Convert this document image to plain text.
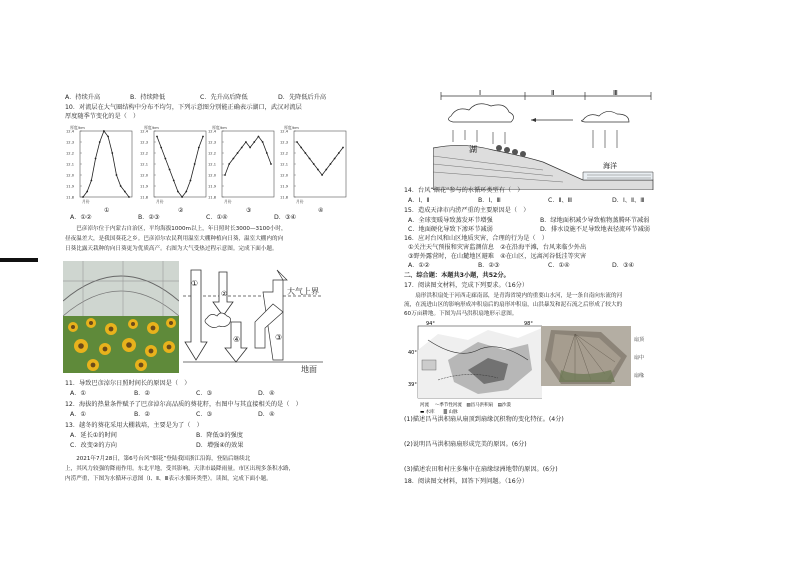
A．持续升高	B．持续降低	C．先升高后降低	D．先降低后升高
10．对流层在大气圈结构中分布不均匀，下列示意图分别能正确表示湖口，武汉对流层
厚度随季节变化的是（　）
12.4
12.3
12.2
12.1
12.0
11.9
11.8
厚度/km
月份
①
12.4
12.3
12.2
12.1
12.0
11.9
11.8
厚度/km
月份
②
12.4
12.3
12.2
12.1
12.0
11.9
11.8
厚度/km
月份
③
12.4
12.3
12.2
12.1
12.0
11.9
11.8
厚度/km
月份
④
A．①②	B．②③	C．①④	D．③④
　　巴彦淖尔位于内蒙古自治区，平均海拔1000m以上，年日照时长3000—3100小时，
昼夜温差大，是我国葵花之乡。巴彦淖尔农民利用温室大棚种植向日葵，温室大棚内的向
日葵比露天栽种的向日葵更为优质高产。右图为大气受热过程示意图。完成下面小题。
①
②
④	③
大气上界
地面
11．导致巴彦淖尔日照时间长的原因是（　）
A．①	B．②	C．③	D．④
12．海拔的热量条件赋予了巴彦淖尔高品质的葵花籽，右图中与其直接相关的是（　）
A．①	B．②	C．③	D．④
13．越冬的葵花采用大棚栽培，主要是为了（　）
A．延长①的时间	B．降低③的强度
C．改变②的方向	D．增强④的效果
　　2021年7月28日，第6号台风“烟花”登陆我国浙江沿海，登陆后继续北
上，其风力较强的降雨作用。东北平地，受其影响，天津市最降雨量。市区出现多条积水路，
内涝严重，下图为水循环示意图（Ⅰ、Ⅱ、Ⅲ表示水循环类型）。读图，完成下面小题。
Ⅰ	Ⅱ	Ⅲ
湖
海洋
14．台风“烟花”参与的水循环类型有（　）
A．Ⅰ、Ⅱ	B．Ⅰ、Ⅲ	C．Ⅱ、Ⅲ	D．Ⅰ、Ⅱ、Ⅲ
15．造成天津市内涝严重的主要原因是（　）
A．全球变暖导致蒸发环节增强	B．绿地面积减少导致植物蒸腾环节减弱
C．地面硬化导致下渗环节减弱	D．排水设施不足导致地表径流环节减弱
16．应对台风和山区地质灾害，合理的行为是（　）
①关注天气预报和灾害监测信息　②在沿海平滩，台风来临少外出
③野外露营时，在山麓地区避难　④在山区，远离河谷低洼等灾害
A．①②	B．②③	C．①④	D．③④
二、综合题：本题共3小题，共52分。
17．阅读图文材料，完成下列要求。（16分）
　　扇形洪积扇处于河西走廊南部，是青海省境内的重要山水河，是一条自南向东流的河
流，在流进山区的影响形成冲积扇后的扇形冲积扇，山洪暴发和泥石流之后形成了较大的
60万亩耕地。下图为昌马洪积扇地形示意图。
94°	98°
40°
39°
河流　 ～季节性河流　▨昌马洪积扇　▤沙漠
▬ 水库　　▒ 山脉
扇顶
扇中
扇缘
(1)描述昌马洪积扇从扇顶到扇缘沉积物的变化特征。(4分)
(2)说明昌马洪积扇扇形成完美的原因。(6分)
(3)描述农田和村庄多集中在扇缘绿洲地带的原因。(6分)
18．阅读图文材料，回答下列问题。（16分）
